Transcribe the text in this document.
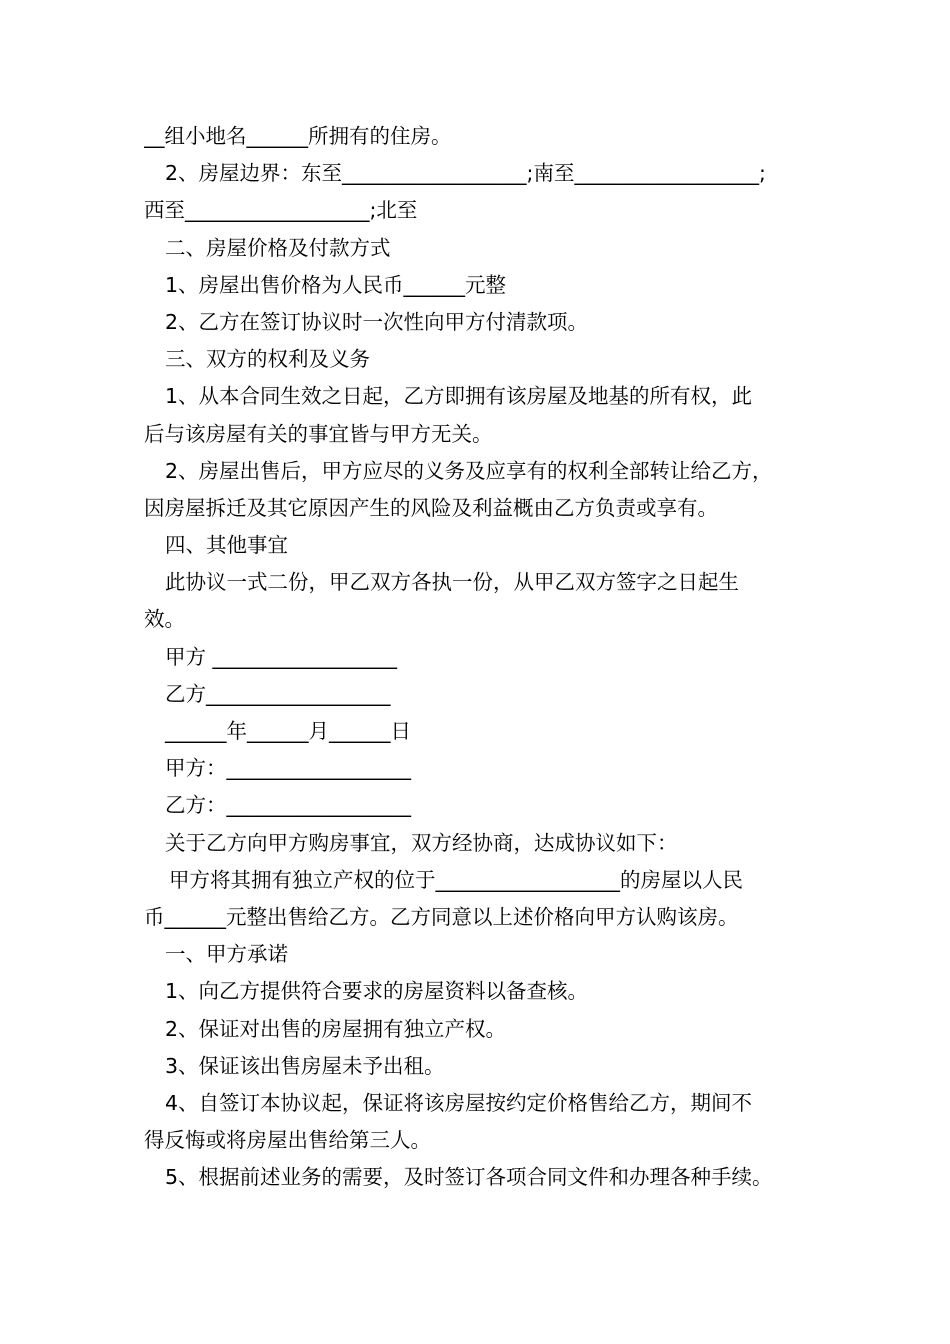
__组小地名______所拥有的住房。
2、房屋边界：东至__________________;南至__________________;
西至__________________;北至
二、房屋价格及付款方式
1、房屋出售价格为人民币______元整
2、乙方在签订协议时一次性向甲方付清款项。
三、双方的权利及义务
1、从本合同生效之日起，乙方即拥有该房屋及地基的所有权，此
后与该房屋有关的事宜皆与甲方无关。
2、房屋出售后，甲方应尽的义务及应享有的权利全部转让给乙方，
因房屋拆迁及其它原因产生的风险及利益概由乙方负责或享有。
四、其他事宜
此协议一式二份，甲乙双方各执一份，从甲乙双方签字之日起生
效。
甲方 __________________
乙方__________________
______年______月______日
甲方：__________________
乙方：__________________
关于乙方向甲方购房事宜，双方经协商，达成协议如下：
甲方将其拥有独立产权的位于__________________的房屋以人民
币______元整出售给乙方。乙方同意以上述价格向甲方认购该房。
一、甲方承诺
1、向乙方提供符合要求的房屋资料以备查核。
2、保证对出售的房屋拥有独立产权。
3、保证该出售房屋未予出租。
4、自签订本协议起，保证将该房屋按约定价格售给乙方，期间不
得反悔或将房屋出售给第三人。
5、根据前述业务的需要，及时签订各项合同文件和办理各种手续。
